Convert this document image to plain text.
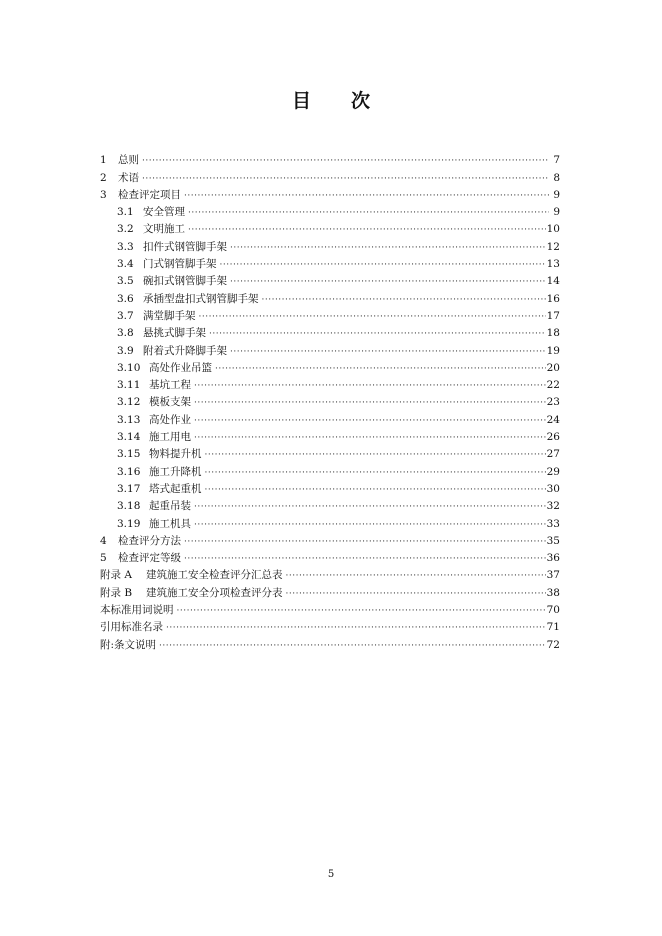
目 次
1	总则 ·····	7
2	术语 ·····	8
3	检查评定项目 ·····	9
3.1 安全管理 ·····	9
3.2 文明施工 ·····	10
3.3 扣件式钢管脚手架 ·····	12
3.4 门式钢管脚手架 ·····	13
3.5 碗扣式钢管脚手架 ·····	14
3.6 承插型盘扣式钢管脚手架 ·····	16
3.7 满堂脚手架 ·····	17
3.8 悬挑式脚手架 ·····	18
3.9 附着式升降脚手架 ·····	19
3.10 高处作业吊篮 ·····	20
3.11 基坑工程 ·····	22
3.12 模板支架 ·····	23
3.13 高处作业 ·····	24
3.14 施工用电 ·····	26
3.15 物料提升机 ·····	27
3.16 施工升降机 ·····	29
3.17 塔式起重机 ·····	30
3.18 起重吊装 ·····	32
3.19 施工机具 ·····	33
4	检查评分方法 ·····	35
5	检查评定等级 ·····	36
附录 A	建筑施工安全检查评分汇总表 ·····	37
附录 B	建筑施工安全分项检查评分表 ·····	38
本标准用词说明 ·····	70
引用标准名录 ·····	71
附:条文说明 ·····	72
5
